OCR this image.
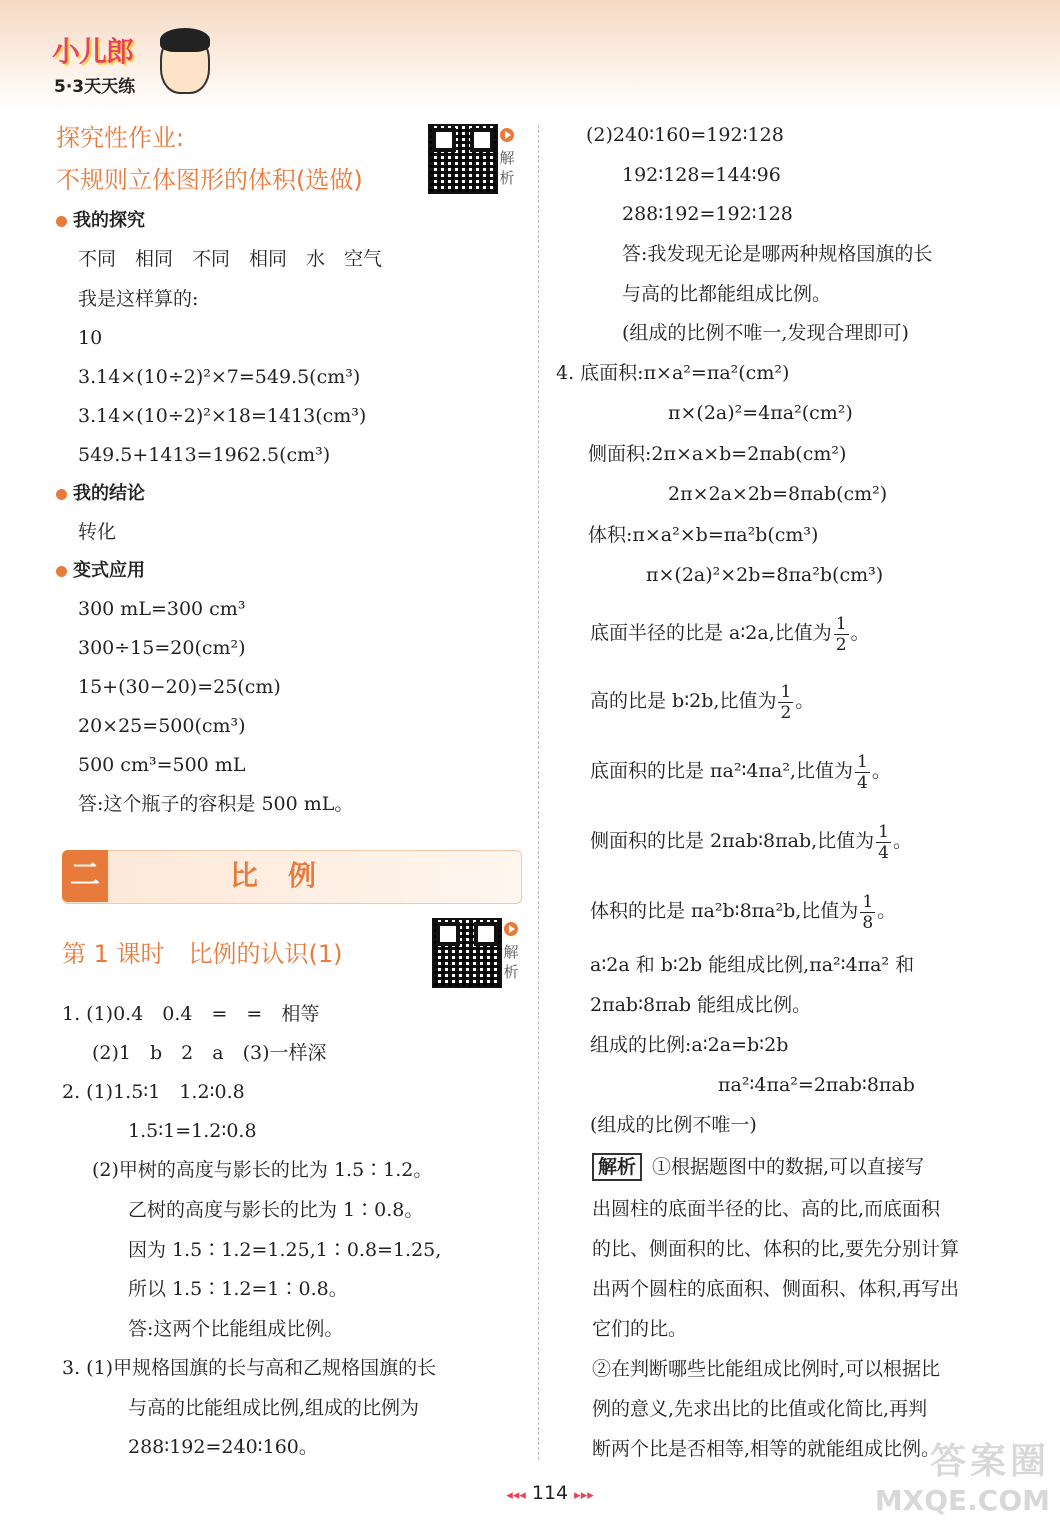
小儿郎
5·3天天练
探究性作业:
不规则立体图形的体积(选做)
解析
我的探究
不同　相同　不同　相同　水　空气
我是这样算的:
10
3.14×(10÷2)²×7=549.5(cm³)
3.14×(10÷2)²×18=1413(cm³)
549.5+1413=1962.5(cm³)
我的结论
转化
变式应用
300 mL=300 cm³
300÷15=20(cm²)
15+(30−20)=25(cm)
20×25=500(cm³)
500 cm³=500 mL
答:这个瓶子的容积是 500 mL。
二	比例
第 1 课时　比例的认识(1)	解析
1. (1)0.4　0.4　=　=　相等
(2)1　b　2　a　(3)一样深
2. (1)1.5∶1　1.2∶0.8
1.5∶1=1.2∶0.8
(2)甲树的高度与影长的比为 1.5∶1.2。
乙树的高度与影长的比为 1∶0.8。
因为 1.5∶1.2=1.25,1∶0.8=1.25,
所以 1.5∶1.2=1∶0.8。
答:这两个比能组成比例。
3. (1)甲规格国旗的长与高和乙规格国旗的长
与高的比能组成比例,组成的比例为
288∶192=240∶160。
(2)240∶160=192∶128
192∶128=144∶96
288∶192=192∶128
答:我发现无论是哪两种规格国旗的长
与高的比都能组成比例。
(组成的比例不唯一,发现合理即可)
4. 底面积:π×a²=πa²(cm²)
π×(2a)²=4πa²(cm²)
侧面积:2π×a×b=2πab(cm²)
2π×2a×2b=8πab(cm²)
体积:π×a²×b=πa²b(cm³)
π×(2a)²×2b=8πa²b(cm³)
底面半径的比是 a∶2a,比值为 $\frac{1}{2}$ 。
高的比是 b∶2b,比值为 $\frac{1}{2}$ 。
底面积的比是 πa²∶4πa²,比值为 $\frac{1}{4}$ 。
侧面积的比是 2πab∶8πab,比值为 $\frac{1}{4}$ 。
体积的比是 πa²b∶8πa²b,比值为 $\frac{1}{8}$ 。
a∶2a 和 b∶2b 能组成比例,πa²∶4πa² 和
2πab∶8πab 能组成比例。
组成的比例:a∶2a=b∶2b
πa²∶4πa²=2πab∶8πab
(组成的比例不唯一)
解析 ①根据题图中的数据,可以直接写
出圆柱的底面半径的比、高的比,而底面积
的比、侧面积的比、体积的比,要先分别计算
出两个圆柱的底面积、侧面积、体积,再写出
它们的比。
②在判断哪些比能组成比例时,可以根据比
例的意义,先求出比的比值或化简比,再判
断两个比是否相等,相等的就能组成比例。
◂◂◂ 114 ▸▸▸
答案圈
MXQE.COM
